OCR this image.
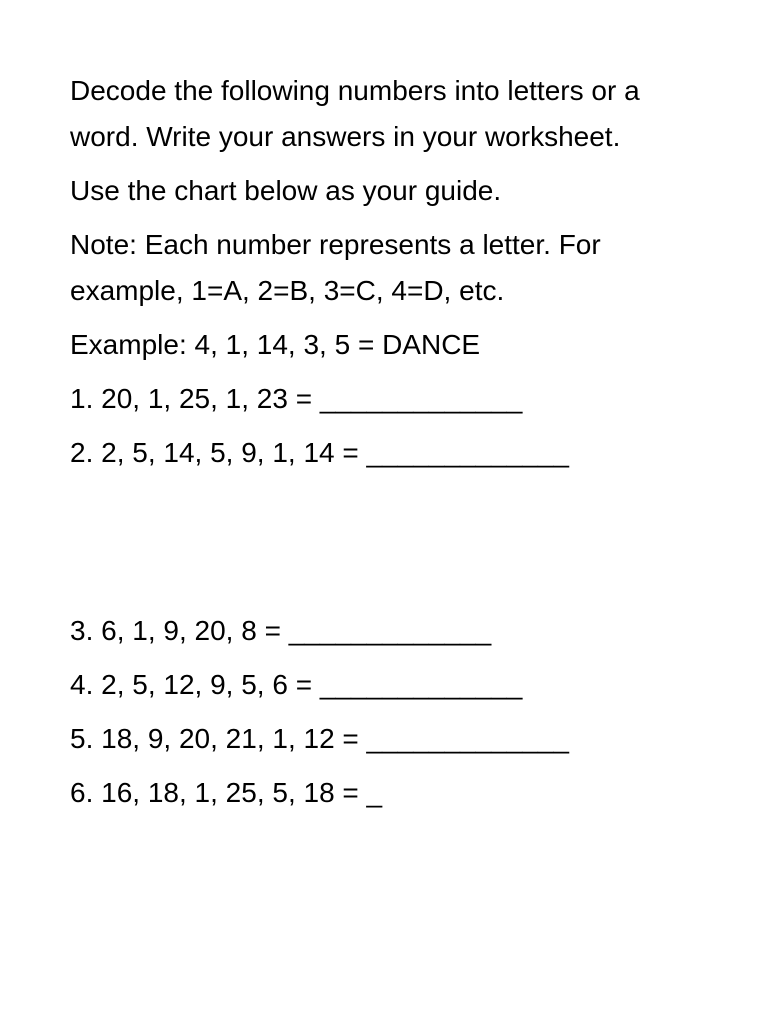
Decode the following numbers into letters or a word. Write your answers in your worksheet.

Use the chart below as your guide.

Note: Each number represents a letter. For example, 1=A, 2=B, 3=C, 4=D, etc.

Example: 4, 1, 14, 3, 5 = DANCE

1. 20, 1, 25, 1, 23 = _____________

2. 2, 5, 14, 5, 9, 1, 14 = _____________

3. 6, 1, 9, 20, 8 = _____________

4. 2, 5, 12, 9, 5, 6 = _____________

5. 18, 9, 20, 21, 1, 12 = _____________

6. 16, 18, 1, 25, 5, 18 = _
